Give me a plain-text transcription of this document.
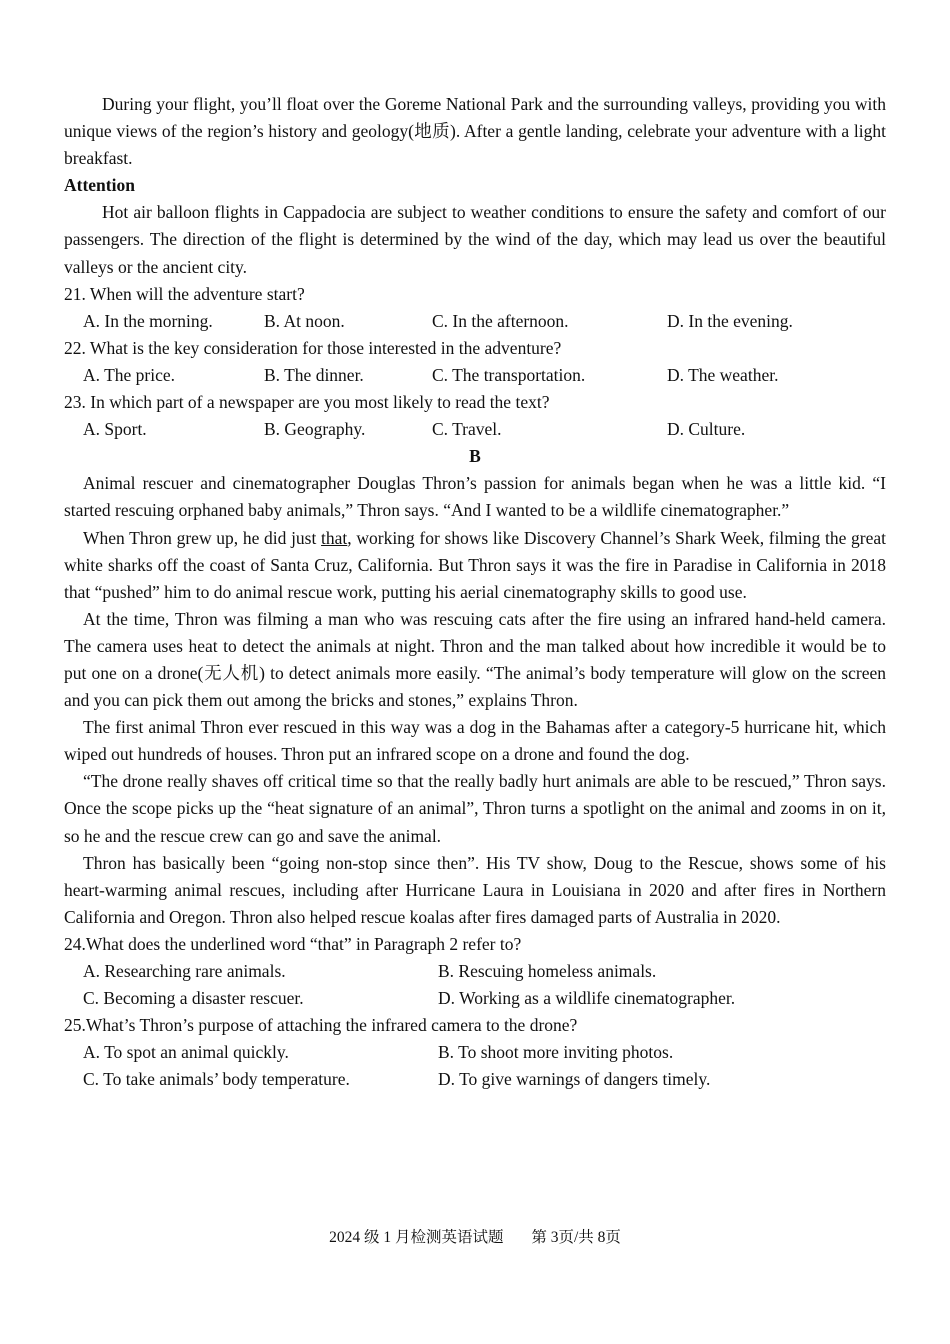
During your flight, you’ll float over the Goreme National Park and the surrounding valleys, providing you with unique views of the region’s history and geology(地质). After a gentle landing, celebrate your adventure with a light breakfast.

Attention

Hot air balloon flights in Cappadocia are subject to weather conditions to ensure the safety and comfort of our passengers. The direction of the flight is determined by the wind of the day, which may lead us over the beautiful valleys or the ancient city.

21. When will the adventure start?

A. In the morning.	B. At noon.	C. In the afternoon.	D. In the evening.

22. What is the key consideration for those interested in the adventure?

A. The price.	B. The dinner.	C. The transportation.	D. The weather.

23. In which part of a newspaper are you most likely to read the text?

A. Sport.	B. Geography.	C. Travel.	D. Culture.

B

Animal rescuer and cinematographer Douglas Thron’s passion for animals began when he was a little kid. “I started rescuing orphaned baby animals,” Thron says. “And I wanted to be a wildlife cinematographer.”

When Thron grew up, he did just that, working for shows like Discovery Channel’s Shark Week, filming the great white sharks off the coast of Santa Cruz, California. But Thron says it was the fire in Paradise in California in 2018 that “pushed” him to do animal rescue work, putting his aerial cinematography skills to good use.

At the time, Thron was filming a man who was rescuing cats after the fire using an infrared hand-held camera. The camera uses heat to detect the animals at night. Thron and the man talked about how incredible it would be to put one on a drone(无人机) to detect animals more easily. “The animal’s body temperature will glow on the screen and you can pick them out among the bricks and stones,” explains Thron.

The first animal Thron ever rescued in this way was a dog in the Bahamas after a category-5 hurricane hit, which wiped out hundreds of houses. Thron put an infrared scope on a drone and found the dog.

“The drone really shaves off critical time so that the really badly hurt animals are able to be rescued,” Thron says. Once the scope picks up the “heat signature of an animal”, Thron turns a spotlight on the animal and zooms in on it, so he and the rescue crew can go and save the animal.

Thron has basically been “going non-stop since then”. His TV show, Doug to the Rescue, shows some of his heart-warming animal rescues, including after Hurricane Laura in Louisiana in 2020 and after fires in Northern California and Oregon. Thron also helped rescue koalas after fires damaged parts of Australia in 2020.

24.What does the underlined word “that” in Paragraph 2 refer to?

A. Researching rare animals.	B. Rescuing homeless animals.
C. Becoming a disaster rescuer.	D. Working as a wildlife cinematographer.

25.What’s Thron’s purpose of attaching the infrared camera to the drone?

A. To spot an animal quickly.	B. To shoot more inviting photos.
C. To take animals’ body temperature.	D. To give warnings of dangers timely.
2024 级 1 月检测英语试题 第 3页/共 8页
